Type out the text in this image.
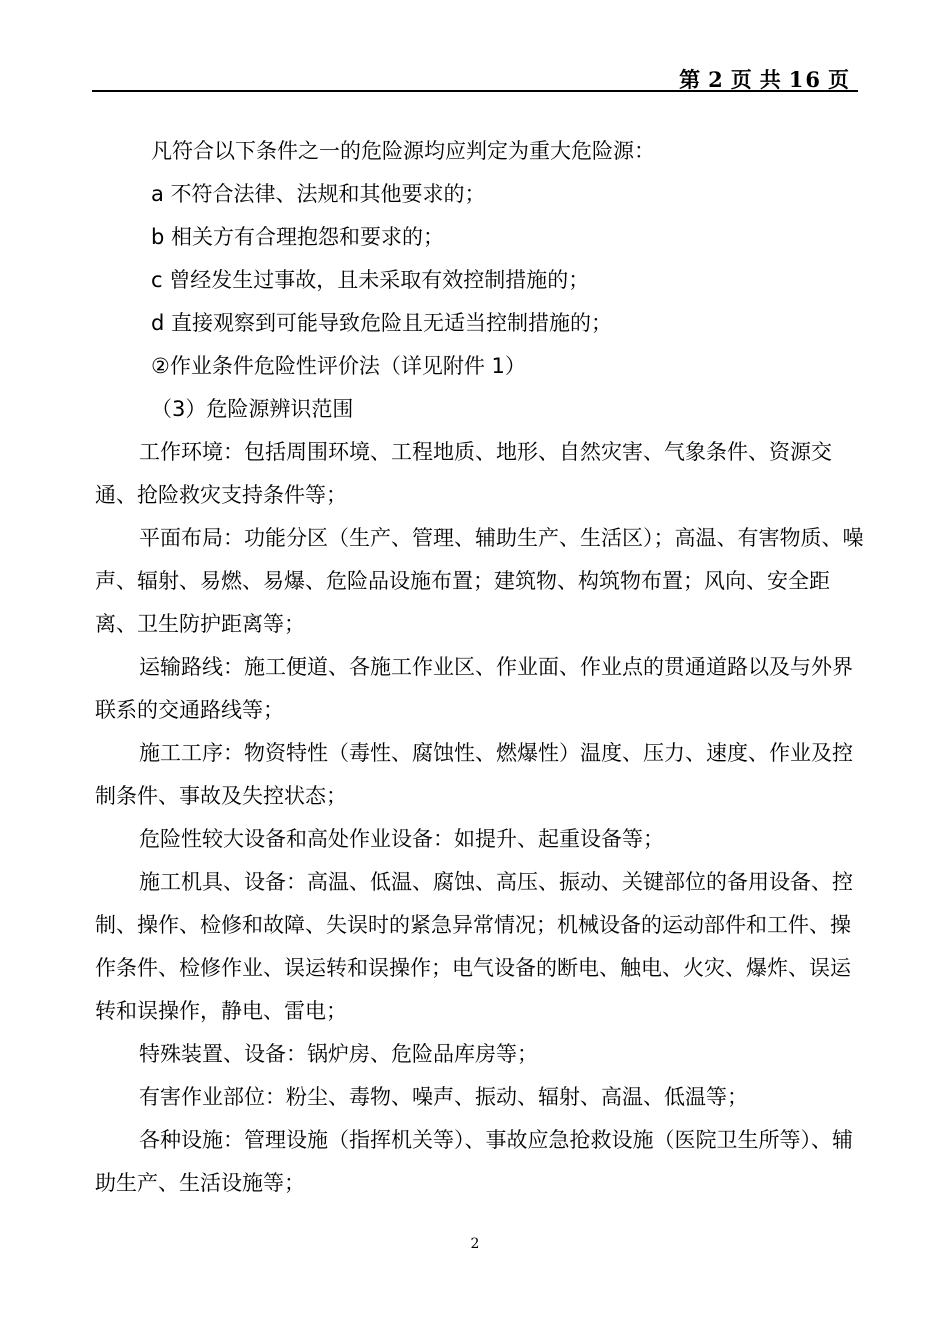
第 2 页 共 16 页

凡符合以下条件之一的危险源均应判定为重大危险源：

a 不符合法律、法规和其他要求的；

b 相关方有合理抱怨和要求的；

c 曾经发生过事故，且未采取有效控制措施的；

d 直接观察到可能导致危险且无适当控制措施的；

②作业条件危险性评价法（详见附件 1）

（3）危险源辨识范围

工作环境：包括周围环境、工程地质、地形、自然灾害、气象条件、资源交通、抢险救灾支持条件等；

平面布局：功能分区（生产、管理、辅助生产、生活区）；高温、有害物质、噪声、辐射、易燃、易爆、危险品设施布置；建筑物、构筑物布置；风向、安全距离、卫生防护距离等；

运输路线：施工便道、各施工作业区、作业面、作业点的贯通道路以及与外界联系的交通路线等；

施工工序：物资特性（毒性、腐蚀性、燃爆性）温度、压力、速度、作业及控制条件、事故及失控状态；

危险性较大设备和高处作业设备：如提升、起重设备等；

施工机具、设备：高温、低温、腐蚀、高压、振动、关键部位的备用设备、控制、操作、检修和故障、失误时的紧急异常情况；机械设备的运动部件和工件、操作条件、检修作业、误运转和误操作；电气设备的断电、触电、火灾、爆炸、误运转和误操作，静电、雷电；

特殊装置、设备：锅炉房、危险品库房等；

有害作业部位：粉尘、毒物、噪声、振动、辐射、高温、低温等；

各种设施：管理设施（指挥机关等）、事故应急抢救设施（医院卫生所等）、辅助生产、生活设施等；

2
